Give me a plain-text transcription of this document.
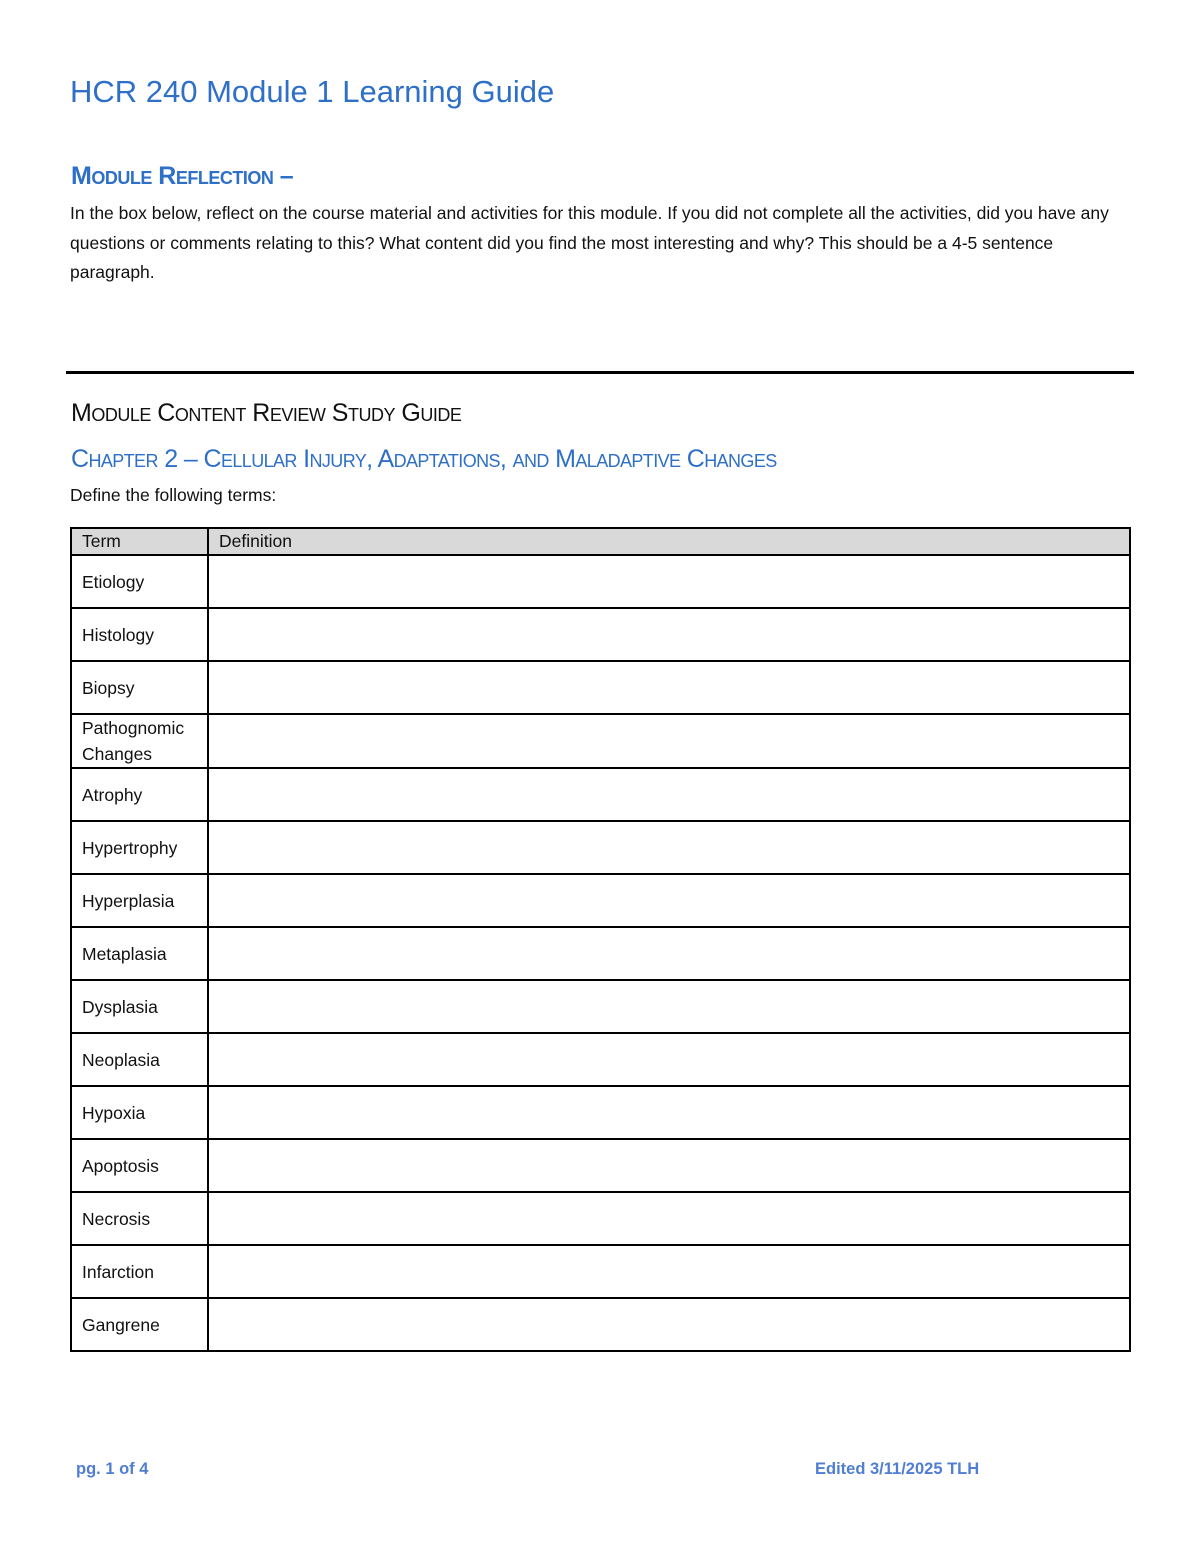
HCR 240 Module 1 Learning Guide
Module Reflection –
In the box below, reflect on the course material and activities for this module. If you did not complete all the activities, did you have any questions or comments relating to this? What content did you find the most interesting and why? This should be a 4-5 sentence paragraph.
Module Content Review Study Guide
Chapter 2 – Cellular Injury, Adaptations, and Maladaptive Changes
Define the following terms:
Term	Definition
Etiology	
Histology	
Biopsy	
Pathognomic Changes	
Atrophy	
Hypertrophy	
Hyperplasia	
Metaplasia	
Dysplasia	
Neoplasia	
Hypoxia	
Apoptosis	
Necrosis	
Infarction	
Gangrene	
pg. 1 of 4	Edited 3/11/2025 TLH
